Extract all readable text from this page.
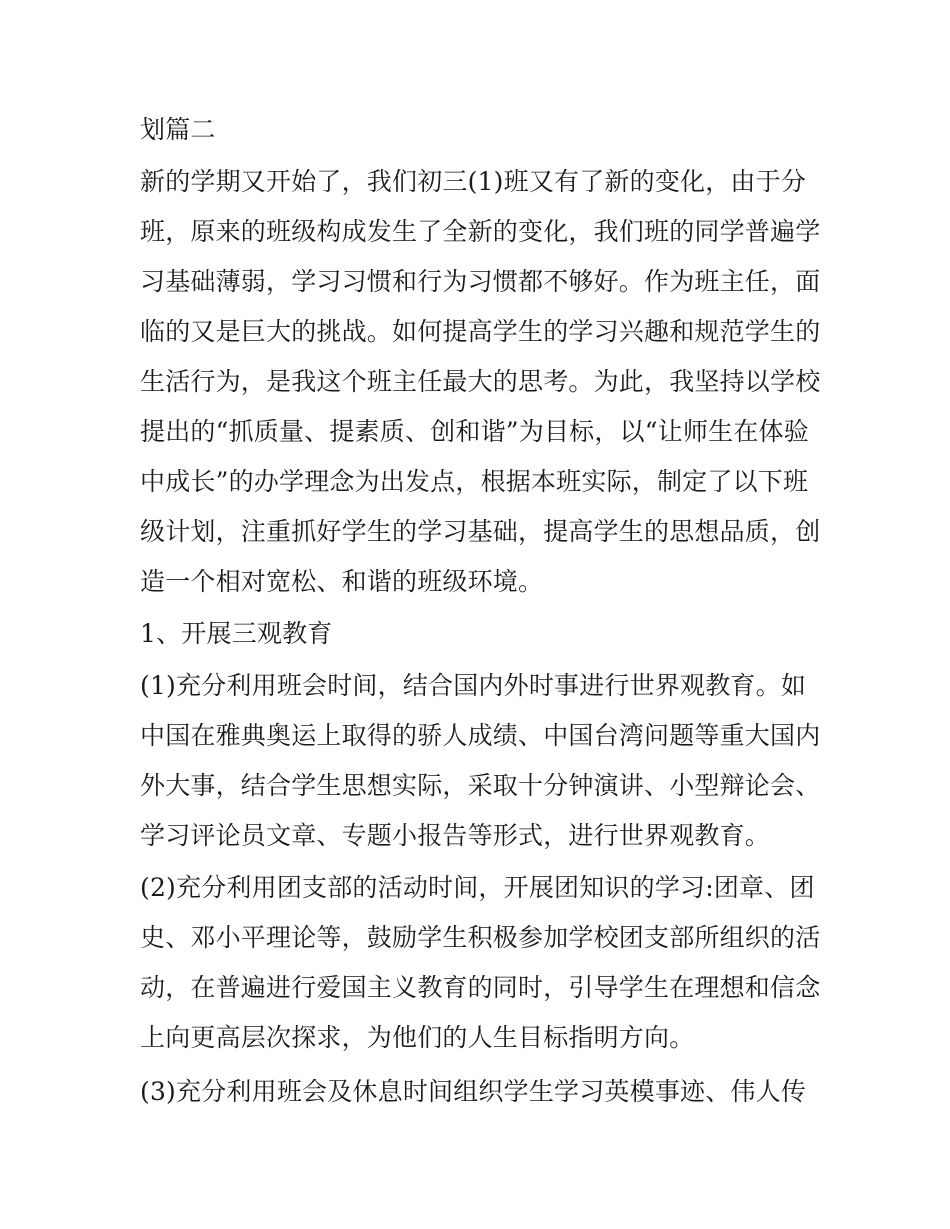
划篇二
新的学期又开始了，我们初三(1)班又有了新的变化，由于分
班，原来的班级构成发生了全新的变化，我们班的同学普遍学
习基础薄弱，学习习惯和行为习惯都不够好。作为班主任，面
临的又是巨大的挑战。如何提高学生的学习兴趣和规范学生的
生活行为，是我这个班主任最大的思考。为此，我坚持以学校
提出的“抓质量、提素质、创和谐”为目标，以“让师生在体验
中成长”的办学理念为出发点，根据本班实际，制定了以下班
级计划，注重抓好学生的学习基础，提高学生的思想品质，创
造一个相对宽松、和谐的班级环境。
1、开展三观教育
(1)充分利用班会时间，结合国内外时事进行世界观教育。如
中国在雅典奥运上取得的骄人成绩、中国台湾问题等重大国内
外大事，结合学生思想实际，采取十分钟演讲、小型辩论会、
学习评论员文章、专题小报告等形式，进行世界观教育。
(2)充分利用团支部的活动时间，开展团知识的学习:团章、团
史、邓小平理论等，鼓励学生积极参加学校团支部所组织的活
动，在普遍进行爱国主义教育的同时，引导学生在理想和信念
上向更高层次探求，为他们的人生目标指明方向。
(3)充分利用班会及休息时间组织学生学习英模事迹、伟人传
